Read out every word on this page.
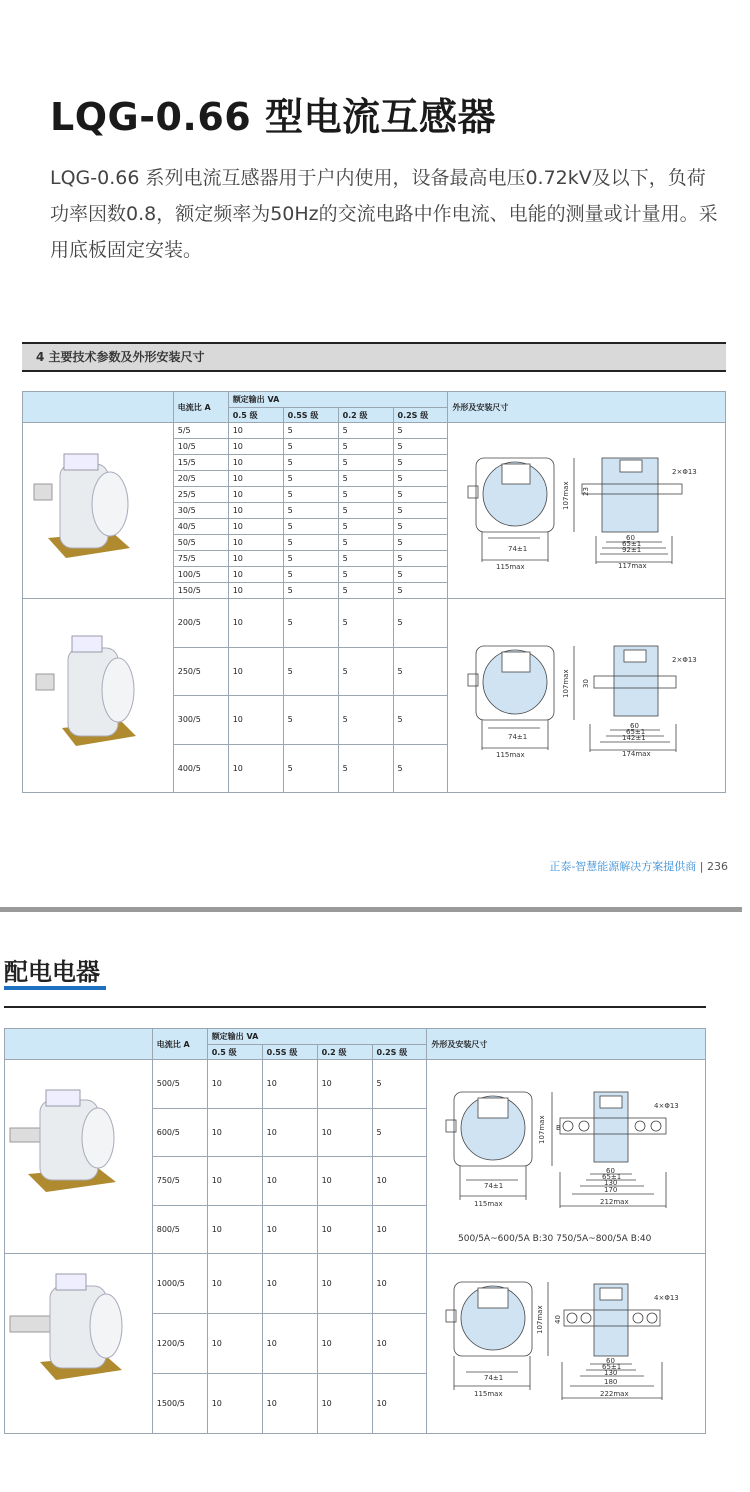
LQG-0.66 型电流互感器

LQG-0.66 系列电流互感器用于户内使用，设备最高电压0.72kV及以下，负荷功率因数0.8，额定频率为50Hz的交流电路中作电流、电能的测量或计量用。采用底板固定安装。

4 主要技术参数及外形安装尺寸
	电流比 A	额定输出 VA				外形及安装尺寸
		0.5 级	0.5S 级	0.2 级	0.2S 级	
	5/5	10	5	5	5	
	10/5	10	5	5	5	
	15/5	10	5	5	5	
	20/5	10	5	5	5	
	25/5	10	5	5	5	
	30/5	10	5	5	5	
	40/5	10	5	5	5	
	50/5	10	5	5	5	
	75/5	10	5	5	5	
	100/5	10	5	5	5	
	150/5	10	5	5	5	
	200/5	10	5	5	5	
	250/5	10	5	5	5	
	300/5	10	5	5	5	
	400/5	10	5	5	5	
	电流比 A	额定输出 VA				外形及安装尺寸
		0.5 级	0.5S 级	0.2 级	0.2S 级	
	500/5	10	10	10	5	
	600/5	10	10	10	5	
	750/5	10	10	10	10	
	800/5	10	10	10	10	
	1000/5	10	10	10	10	
	1200/5	10	10	10	10	
	1500/5	10	10	10	10	
74±1
115max
107max 23
2×Φ13
60
65±1
92±1
117max
74±1
115max
107max 30
2×Φ13
60
65±1
142±1
174max
74±1
115max
107max B
4×Φ13
60
65±1
130
170
212max
500/5A~600/5A B:30 750/5A~800/5A B:40
74±1
115max
107max 40
4×Φ13
60
65±1
130
180
222max
正泰-智慧能源解决方案提供商 | 236
配电电器
